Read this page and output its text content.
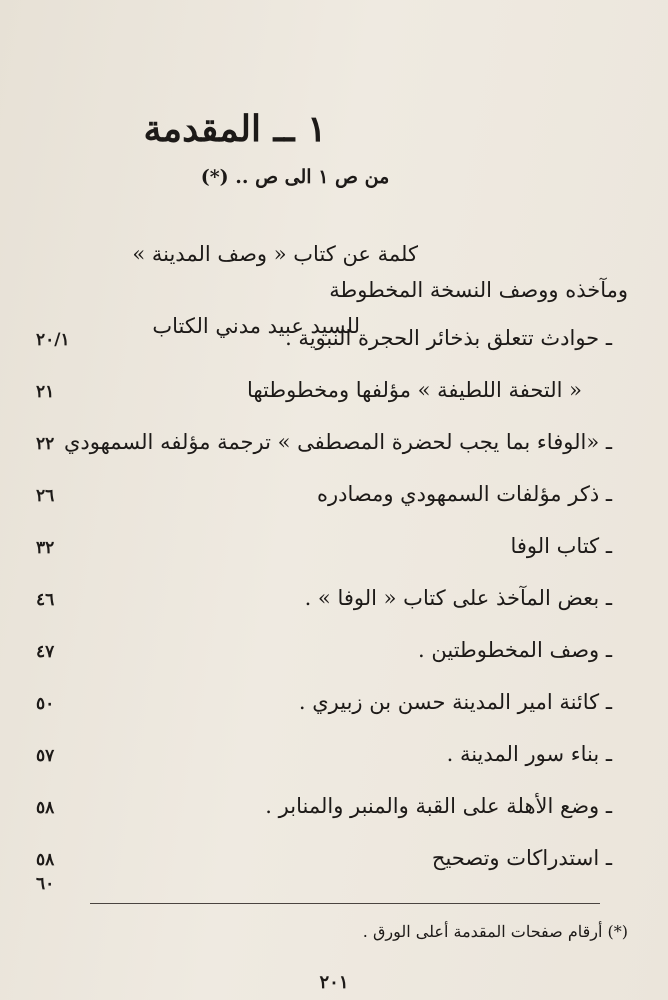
١ ــ المقدمة
من ص ١ الى ص .. (*)
كلمة عن كتاب « وصف المدينة »
ومآخذه ووصف النسخة المخطوطة
للسيد عبيد مدني الكتاب
٢٠/١	ـ حوادث تتعلق بذخائر الحجرة النبوية .
٢١	« التحفة اللطيفة » مؤلفها ومخطوطتها
٢٢ ـ «الوفاء بما يجب لحضرة المصطفى » ترجمة مؤلفه السمهودي
٢٦	ـ ذكر مؤلفات السمهودي ومصادره
٣٢	ـ كتاب الوفا
٤٦	ـ بعض المآخذ على كتاب « الوفا » .
٤٧	ـ وصف المخطوطتين .
٥٠	ـ كائنة امير المدينة حسن بن زبيري .
٥٧	ـ بناء سور المدينة .
٥٨	ـ وضع الأهلة على القبة والمنبر والمنابر .
٥٨	ـ استدراكات وتصحيح
٦٠
(*) أرقام صفحات المقدمة أعلى الورق .
٢٠١
